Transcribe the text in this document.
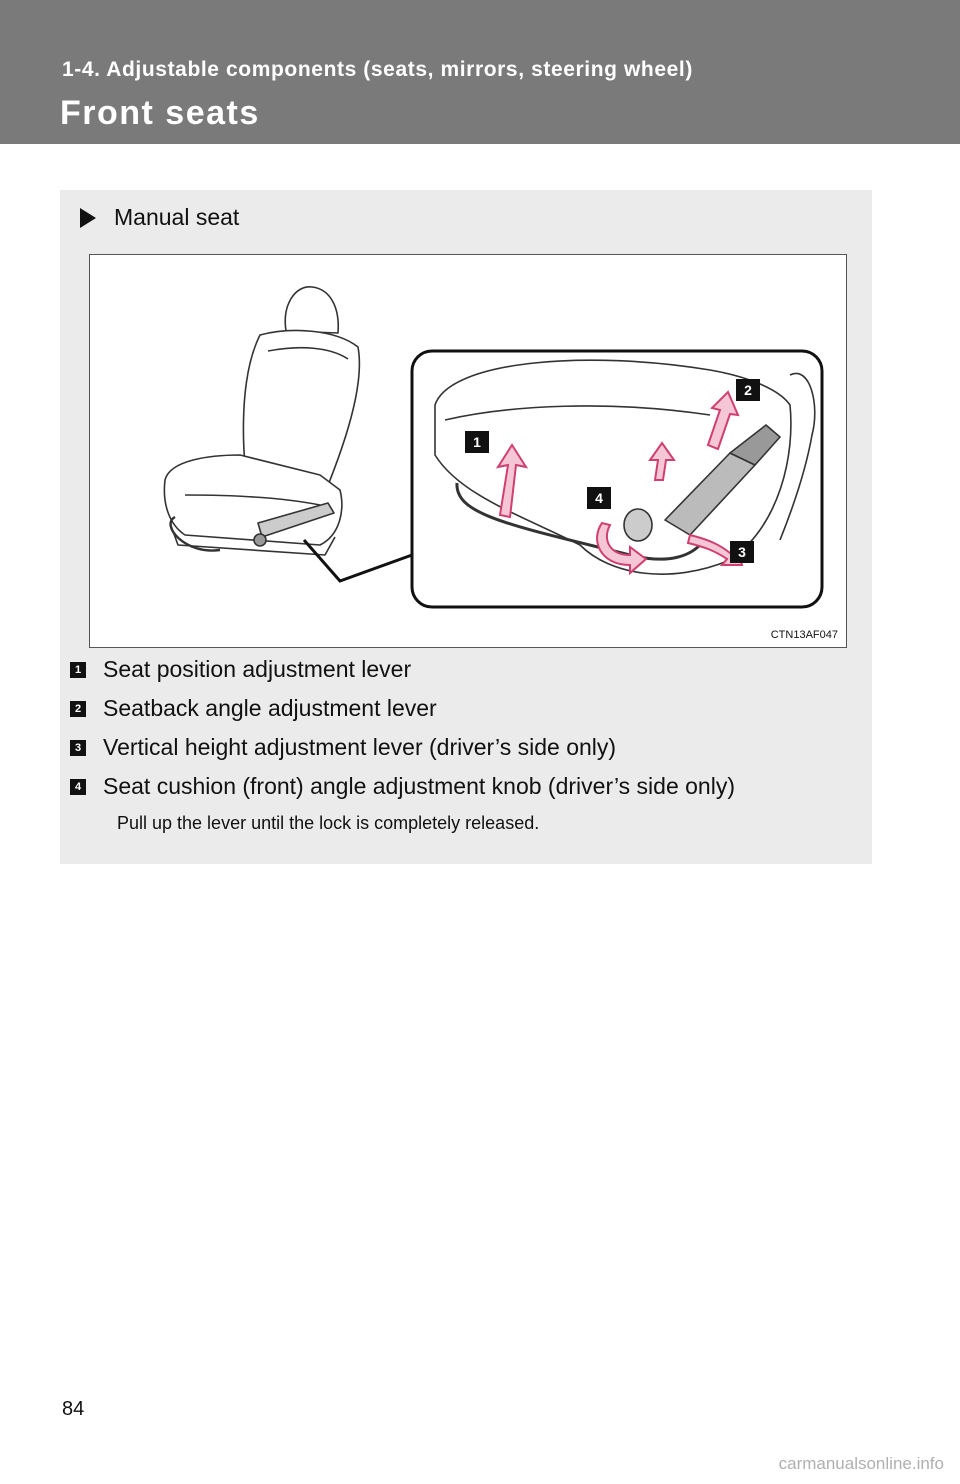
1-4. Adjustable components (seats, mirrors, steering wheel)
Front seats
Manual seat
1
2
3
4
CTN13AF047
1 Seat position adjustment lever
2 Seatback angle adjustment lever
3 Vertical height adjustment lever (driver’s side only)
4 Seat cushion (front) angle adjustment knob (driver’s side only)
Pull up the lever until the lock is completely released.
84
carmanualsonline.info
